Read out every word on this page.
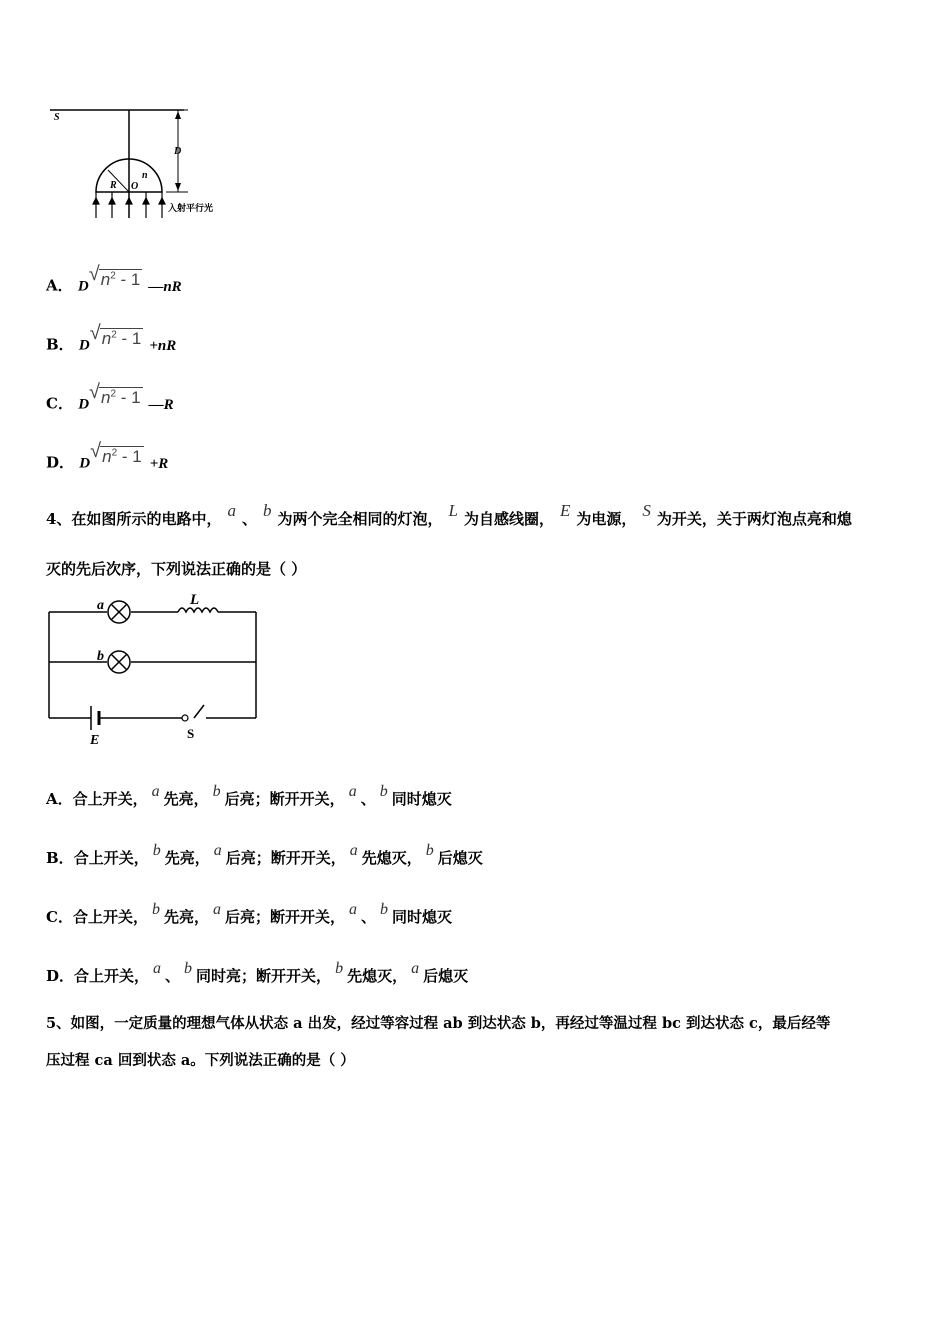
S
D
R O
n
入射平行光
A． D
√ $n^2 - 1$ —nR
B． D
√ $n^2 - 1 +nR$
C． D
√ $n^2 - 1$ —R
D． D
√ $n^2 - 1 +R$
4、在如图所示的电路中， a 、 b 为两个完全相同的灯泡， L 为自感线圈， E 为电源， S 为开关，关于两灯泡点亮和熄
灭的先后次序，下列说法正确的是（ ）
a
b
L
E	S
A．合上开关， a 先亮， b 后亮；断开开关， a 、 b 同时熄灭
B．合上开关， b 先亮， a 后亮；断开开关， a 先熄灭， b 后熄灭
C．合上开关， b 先亮， a 后亮；断开开关， a 、 b 同时熄灭
D．合上开关， a 、 b 同时亮；断开开关， b 先熄灭， a 后熄灭
5、如图，一定质量的理想气体从状态 a 出发，经过等容过程 ab 到达状态 b，再经过等温过程 bc 到达状态 c，最后经等
压过程 ca 回到状态 a。下列说法正确的是（ ）
